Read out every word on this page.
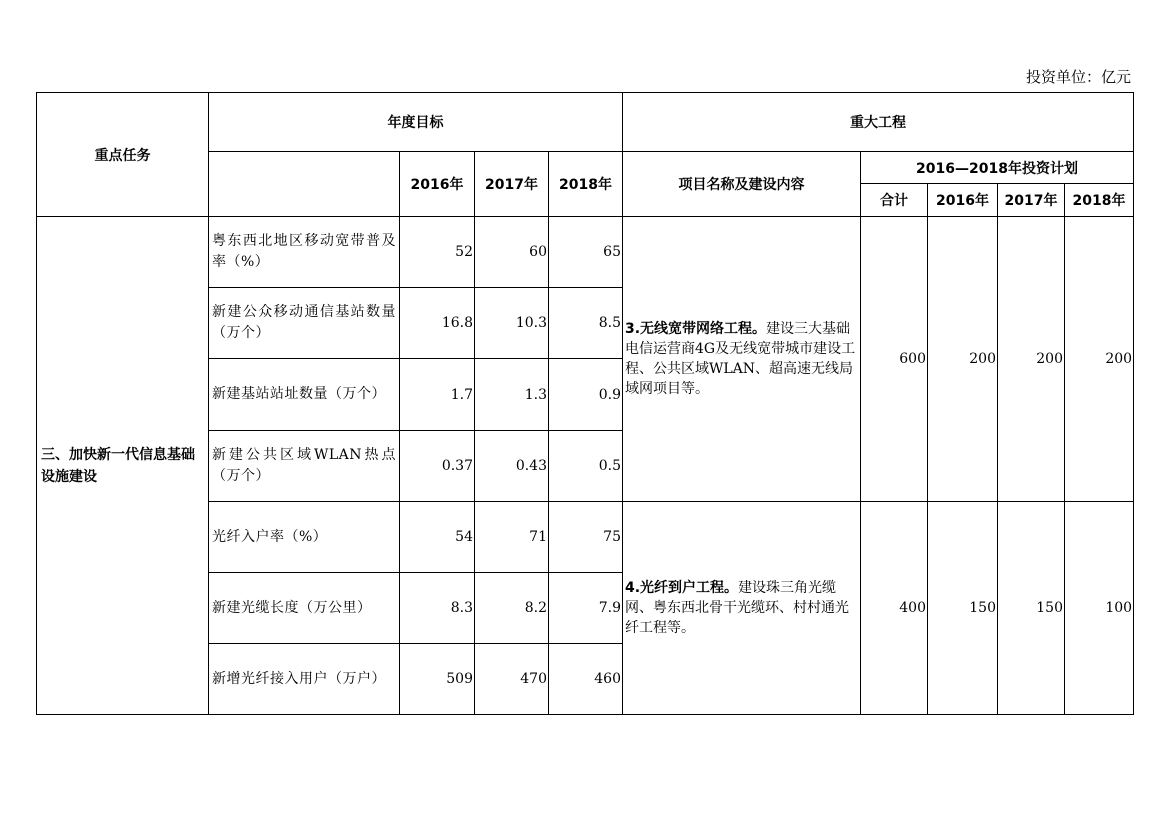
投资单位：亿元
重点任务	年度目标				重大工程				
		2016年	2017年	2018年	项目名称及建设内容	2016—2018年投资计划			
						合计	2016年	2017年	2018年
三、加快新一代信息基础设施建设	粤东西北地区移动宽带普及率（%）	52	60	65	3.无线宽带网络工程。建设三大基础电信运营商4G及无线宽带城市建设工程、公共区域WLAN、超高速无线局域网项目等。	600	200	200	200
	新建公众移动通信基站数量（万个）	16.8	10.3	8.5					
	新建基站站址数量（万个）	1.7	1.3	0.9					
	新建公共区域WLAN热点（万个）	0.37	0.43	0.5					
	光纤入户率（%）	54	71	75	4.光纤到户工程。建设珠三角光缆网、粤东西北骨干光缆环、村村通光纤工程等。	400	150	150	100
	新建光缆长度（万公里）	8.3	8.2	7.9					
	新增光纤接入用户（万户）	509	470	460					
